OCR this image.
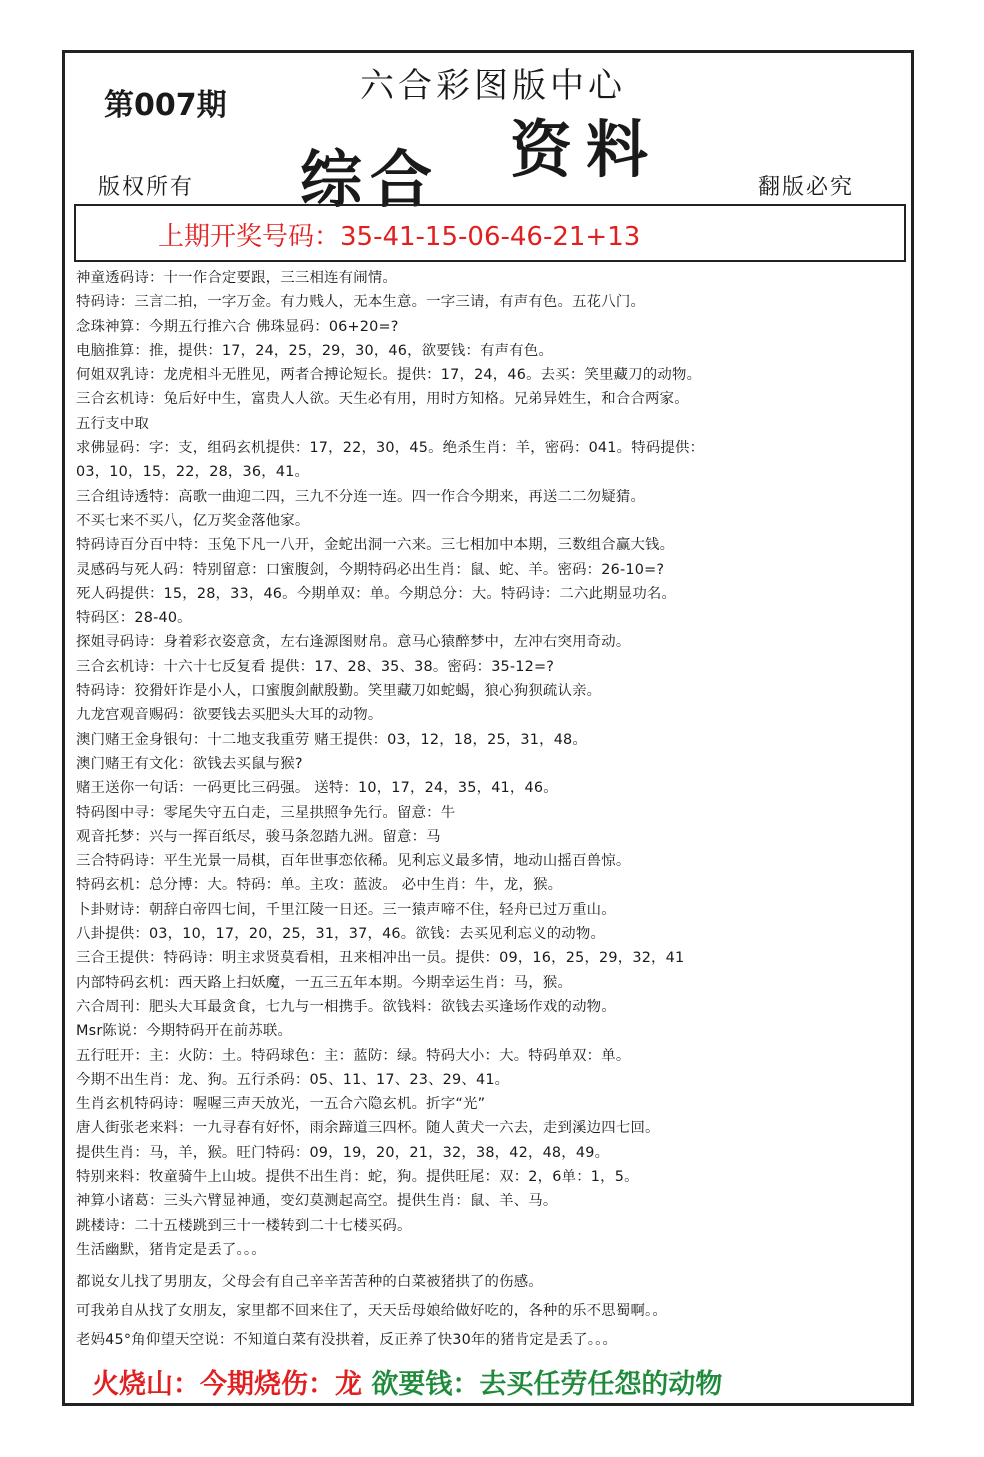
六合彩图版中心
第007期
综合 资料
版权所有	翻版必究
上期开奖号码：35-41-15-06-46-21+13
神童透码诗：十一作合定要跟，三三相连有闹情。
特码诗：三言二拍，一字万金。有力贱人，无本生意。一字三请，有声有色。五花八门。
念珠神算：今期五行推六合 佛珠显码：06+20=?
电脑推算：推，提供：17，24，25，29，30，46，欲要钱：有声有色。
何姐双乳诗：龙虎相斗无胜见，两者合搏论短长。提供：17，24，46。去买：笑里藏刀的动物。
三合玄机诗：兔后好中生，富贵人人欲。天生必有用，用时方知格。兄弟异姓生，和合合两家。
五行支中取
求佛显码：字：支，组码玄机提供：17，22，30，45。绝杀生肖：羊，密码：041。特码提供：
03，10，15，22，28，36，41。
三合组诗透特：高歌一曲迎二四，三九不分连一连。四一作合今期来，再送二二勿疑猜。
不买七来不买八，亿万奖金落他家。
特码诗百分百中特：玉兔下凡一八开，金蛇出洞一六来。三七相加中本期，三数组合赢大钱。
灵感码与死人码：特别留意：口蜜腹剑，今期特码必出生肖：鼠、蛇、羊。密码：26-10=?
死人码提供：15，28，33，46。今期单双：单。今期总分：大。特码诗：二六此期显功名。
特码区：28-40。
探姐寻码诗：身着彩衣姿意贪，左右逢源图财帛。意马心猿醉梦中，左冲右突用奇动。
三合玄机诗：十六十七反复看 提供：17、28、35、38。密码：35-12=?
特码诗：狡猾奸诈是小人，口蜜腹剑献殷勤。笑里藏刀如蛇蝎，狼心狗狈疏认亲。
九龙宫观音赐码：欲要钱去买肥头大耳的动物。
澳门赌王金身银句：十二地支我重劳 赌王提供：03，12，18，25，31，48。
澳门赌王有文化：欲钱去买鼠与猴?
赌王送你一句话：一码更比三码强。 送特：10，17，24，35，41，46。
特码图中寻：零尾失守五白走，三星拱照争先行。留意：牛
观音托梦：兴与一挥百纸尽，骏马条忽踏九洲。留意：马
三合特码诗：平生光景一局棋，百年世事恋依稀。见利忘义最多情，地动山摇百兽惊。
特码玄机：总分博：大。特码：单。主攻：蓝波。 必中生肖：牛，龙，猴。
卜卦财诗：朝辞白帝四七间，千里江陵一日还。三一猿声啼不住，轻舟已过万重山。
八卦提供：03，10，17，20，25，31，37，46。欲钱：去买见利忘义的动物。
三合王提供：特码诗：明主求贤莫看相，丑来相冲出一员。提供：09，16，25，29，32，41
内部特码玄机：西天路上扫妖魔，一五三五年本期。今期幸运生肖：马，猴。
六合周刊：肥头大耳最贪食，七九与一相携手。欲钱料：欲钱去买逢场作戏的动物。
Msr陈说：今期特码开在前苏联。
五行旺开：主：火防：土。特码球色：主：蓝防：绿。特码大小：大。特码单双：单。
今期不出生肖：龙、狗。五行杀码：05、11、17、23、29、41。
生肖玄机特码诗：喔喔三声天放光，一五合六隐玄机。折字“光”
唐人街张老来料：一九寻春有好怀，雨余蹄道三四杯。随人黄犬一六去，走到溪边四七回。
提供生肖：马，羊，猴。旺门特码：09，19，20，21，32，38，42，48，49。
特别来料：牧童骑牛上山坡。提供不出生肖：蛇，狗。提供旺尾：双：2，6单：1，5。
神算小诸葛：三头六臂显神通，变幻莫测起高空。提供生肖：鼠、羊、马。
跳楼诗：二十五楼跳到三十一楼转到二十七楼买码。
生活幽默，猪肯定是丢了。。。
都说女儿找了男朋友，父母会有自己辛辛苦苦种的白菜被猪拱了的伤感。
可我弟自从找了女朋友，家里都不回来住了，天天岳母娘给做好吃的，各种的乐不思蜀啊。。
老妈45°角仰望天空说：不知道白菜有没拱着，反正养了快30年的猪肯定是丢了。。。
火烧山：今期烧伤：龙 欲要钱：去买任劳任怨的动物
